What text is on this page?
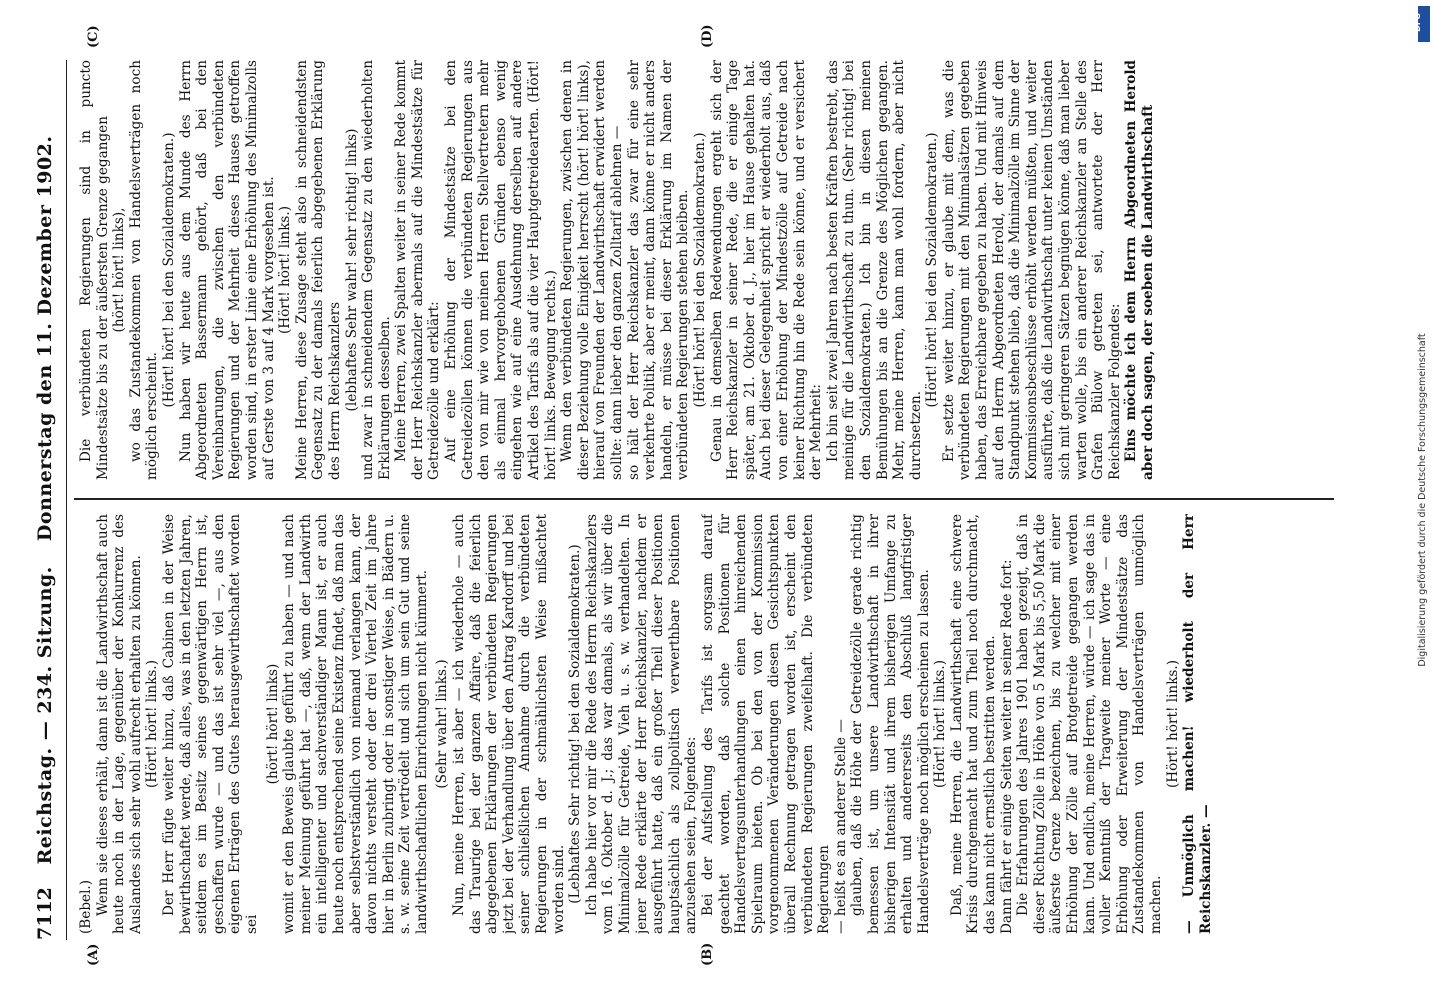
7112
Reichstag. — 234. Sitzung. Donnerstag den 11. Dezember 1902.
(A)	(B)
(C)	(D)

(Bebel.) Wenn sie dieses erhält, dann ist die Landwirthschaft auch heute noch in der Lage, gegenüber der Konkurrenz des Auslandes sich sehr wohl aufrecht erhalten zu können. (Hört! hört! links.) Der Herr fügte weiter hinzu, daß Cabinen in der Weise bewirthschaftet werde, daß alles, was in den letzten Jahren, seitdem es im Besitz seines gegenwärtigen Herrn ist, geschaffen wurde — und das ist sehr viel —, aus den eigenen Erträgen des Gutes herausgewirthschaftet worden sei

(hört! hört! links) womit er den Beweis glaubte geführt zu haben — und nach meiner Meinung geführt hat —, daß, wenn der Landwirth ein intelligenter und sachverständiger Mann ist, er auch heute noch entsprechend seine Existenz findet, daß man das aber selbstverständlich von niemand verlangen kann, der davon nichts versteht oder der drei Viertel Zeit im Jahre hier in Berlin zubringt oder in sonstiger Weise, in Bädern u. s. w. seine Zeit vertrödelt und sich um sein Gut und seine landwirthschaftlichen Einrichtungen nicht kümmert. (Sehr wahr! links.) Nun, meine Herren, ist aber — ich wiederhole — auch das Traurige bei der ganzen Affaire, daß die feierlich abgegebenen Erklärungen der verbündeten Regierungen jetzt bei der Verhandlung über den Antrag Kardorff und bei seiner schließlichen Annahme durch die verbündeten Regierungen in der schmählichsten Weise mißachtet worden sind. (Lebhaftes Sehr richtig! bei den Sozialdemokraten.) Ich habe hier vor mir die Rede des Herrn Reichskanzlers vom 16. Oktober d. J.; das war damals, als wir über die Minimalzölle für Getreide, Vieh u. s. w. verhandelten. In jener Rede erklärte der Herr Reichskanzler, nachdem er ausgeführt hatte, daß ein großer Theil dieser Positionen hauptsächlich als zollpolitisch verwerthbare Positionen anzusehen seien, Folgendes: Bei der Aufstellung des Tarifs ist sorgsam darauf geachtet worden, daß solche Positionen für Handelsvertragsunterhandlungen einen hinreichenden Spielraum bieten. Ob bei den von der Kommission vorgenommenen Veränderungen diesen Gesichtspunkten überall Rechnung getragen worden ist, erscheint den verbündeten Regierungen zweifelhaft. Die verbündeten Regierungen — heißt es an anderer Stelle — glauben, daß die Höhe der Getreidezölle gerade richtig bemessen ist, um unsere Landwirthschaft in ihrer bisherigen Intensität und ihrem bisherigen Umfange zu erhalten und andererseits den Abschluß langfristiger Handelsverträge noch möglich erscheinen zu lassen. (Hört! hört! links.) Daß, meine Herren, die Landwirthschaft eine schwere Krisis durchgemacht hat und zum Theil noch durchmacht, das kann nicht ernstlich bestritten werden. Dann fährt er einige Seiten weiter in seiner Rede fort: Die Erfahrungen des Jahres 1901 haben gezeigt, daß in dieser Richtung Zölle in Höhe von 5 Mark bis 5,50 Mark die äußerste Grenze bezeichnen, bis zu welcher mit einer Erhöhung der Zölle auf Brotgetreide gegangen werden kann. Und endlich, meine Herren, würde — ich sage das in voller Kenntniß der Tragweite meiner Worte — eine Erhöhung oder Erweiterung der Mindestsätze das Zustandekommen von Handelsverträgen unmöglich machen.

(Hört! hört! links.) — Unmöglich machen! wiederholt der Herr Reichskanzler. —

Die verbündeten Regierungen sind in puncto Mindestsätze bis zu der äußersten Grenze gegangen (hört! hört! links), wo das Zustandekommen von Handelsverträgen noch möglich erscheint.

(Hört! hört! bei den Sozialdemokraten.) Nun haben wir heute aus dem Munde des Herrn Abgeordneten Bassermann gehört, daß bei den Vereinbarungen, die zwischen den verbündeten Regierungen und der Mehrheit dieses Hauses getroffen worden sind, in erster Linie eine Erhöhung des Minimalzolls auf Gerste von 3 auf 4 Mark vorgesehen ist. (Hört! hört! links.) Meine Herren, diese Zusage steht also in schneidendsten Gegensatz zu der damals feierlich abgegebenen Erklärung des Herrn Reichskanzlers (lebhaftes Sehr wahr! sehr richtig! links) und zwar in schneidendem Gegensatz zu den wiederholten Erklärungen desselben. Meine Herren, zwei Spalten weiter in seiner Rede kommt der Herr Reichskanzler abermals auf die Mindestsätze für Getreidezölle und erklärt: Auf eine Erhöhung der Mindestsätze bei den Getreidezöllen können die verbündeten Regierungen aus den von mir wie von meinen Herren Stellvertretern mehr als einmal hervorgehobenen Gründen ebenso wenig eingehen wie auf eine Ausdehnung derselben auf andere Artikel des Tarifs als auf die vier Hauptgetreidearten. (Hört! hört! links. Bewegung rechts.) Wenn den verbündeten Regierungen, zwischen denen in dieser Beziehung volle Einigkeit herrscht (hört! hört! links), hierauf von Freunden der Landwirthschaft erwidert werden sollte: dann lieber den ganzen Zolltarif ablehnen — so hält der Herr Reichskanzler das zwar für eine sehr verkehrte Politik, aber er meint, dann könne er nicht anders handeln, er müsse bei dieser Erklärung im Namen der verbündeten Regierungen stehen bleiben. (Hört! hört! bei den Sozialdemokraten.) Genau in demselben Redewendungen ergeht sich der Herr Reichskanzler in seiner Rede, die er einige Tage später, am 21. Oktober d. J., hier im Hause gehalten hat. Auch bei dieser Gelegenheit spricht er wiederholt aus, daß von einer Erhöhung der Mindestzölle auf Getreide nach keiner Richtung hin die Rede sein könne, und er versichert der Mehrheit: Ich bin seit zwei Jahren nach besten Kräften bestrebt, das meinige für die Landwirthschaft zu thun. (Sehr richtig! bei den Sozialdemokraten.) Ich bin in diesen meinen Bemühungen bis an die Grenze des Möglichen gegangen. Mehr, meine Herren, kann man wohl fordern, aber nicht durchsetzen.

(Hört! hört! bei den Sozialdemokraten.) Er setzte weiter hinzu, er glaube mit dem, was die verbündeten Regierungen mit den Minimalsätzen gegeben haben, das Erreichbare gegeben zu haben. Und mit Hinweis auf den Herrn Abgeordneten Herold, der damals auf dem Standpunkt stehen blieb, daß die Minimalzölle im Sinne der Kommissionsbeschlüsse erhöht werden müßten, und weiter ausführte, daß die Landwirthschaft unter keinen Umständen sich mit geringeren Sätzen begnügen könne, daß man lieber warten wolle, bis ein anderer Reichskanzler an Stelle des Grafen Bülow getreten sei, antwortete der Herr Reichskanzler Folgendes: Eins möchte ich dem Herrn Abgeordneten Herold aber doch sagen, der soeben die Landwirthschaft

Digitalisierung gefördert durch die Deutsche Forschungsgemeinschaft
DFG
